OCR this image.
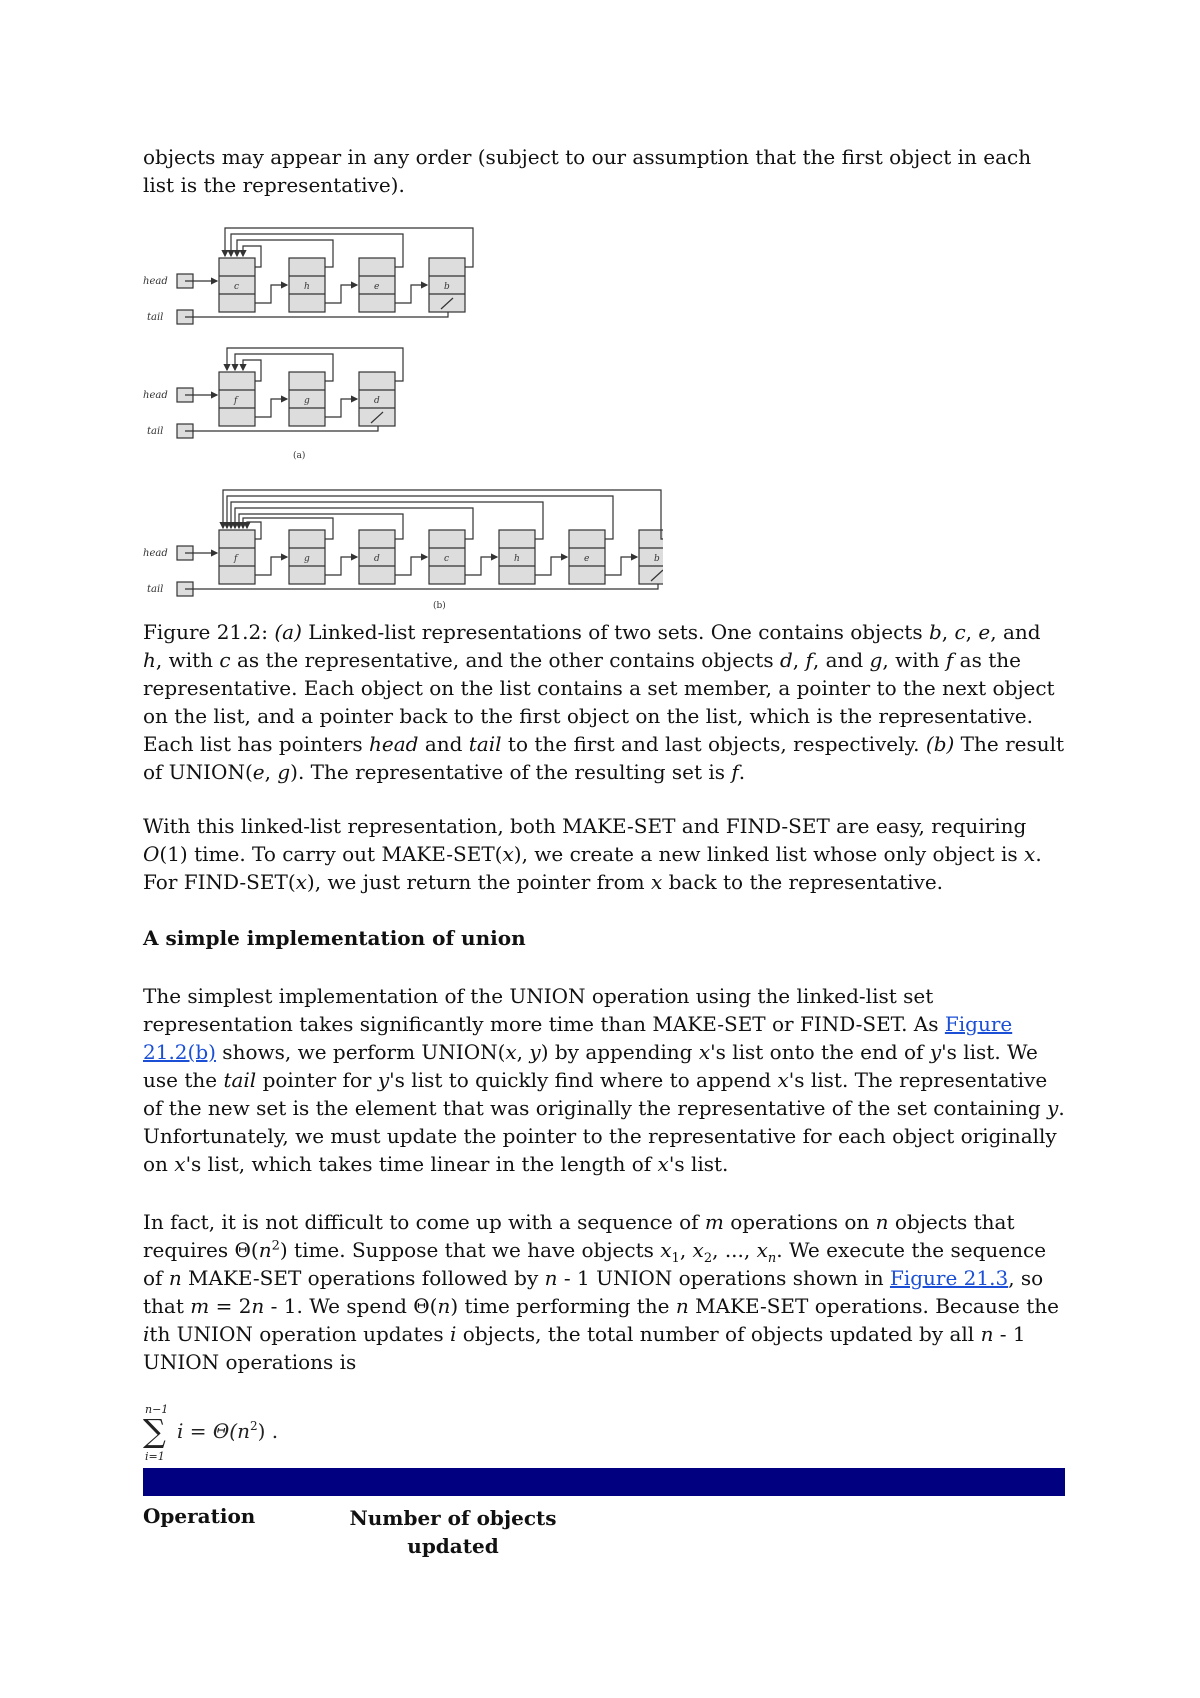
objects may appear in any order (subject to our assumption that the first object in each list is the representative).

head
tail
c	h	e	b
head
tail
f	g	d
(a)
head
tail
f	g	d	c	h	e	b
(b)

Figure 21.2: (a) Linked-list representations of two sets. One contains objects b, c, e, and h, with c as the representative, and the other contains objects d, f, and g, with f as the representative. Each object on the list contains a set member, a pointer to the next object on the list, and a pointer back to the first object on the list, which is the representative. Each list has pointers head and tail to the first and last objects, respectively. (b) The result of UNION(e, g). The representative of the resulting set is f.

With this linked-list representation, both MAKE-SET and FIND-SET are easy, requiring O(1) time. To carry out MAKE-SET(x), we create a new linked list whose only object is x. For FIND-SET(x), we just return the pointer from x back to the representative.

A simple implementation of union

The simplest implementation of the UNION operation using the linked-list set representation takes significantly more time than MAKE-SET or FIND-SET. As Figure 21.2(b) shows, we perform UNION(x, y) by appending x's list onto the end of y's list. We use the tail pointer for y's list to quickly find where to append x's list. The representative of the new set is the element that was originally the representative of the set containing y. Unfortunately, we must update the pointer to the representative for each object originally on x's list, which takes time linear in the length of x's list.

In fact, it is not difficult to come up with a sequence of m operations on n objects that requires $\Theta(n^2)$ time. Suppose that we have objects $x_1$, $x_2$, ..., $x_n$. We execute the sequence of n MAKE-SET operations followed by n - 1 UNION operations shown in Figure 21.3, so that m = 2n - 1. We spend Θ(n) time performing the n MAKE-SET operations. Because the ith UNION operation updates i objects, the total number of objects updated by all n - 1 UNION operations is

n−1
∑
i=1
$i = \Theta(n^2)$ .
Operation	Number of objects updated
